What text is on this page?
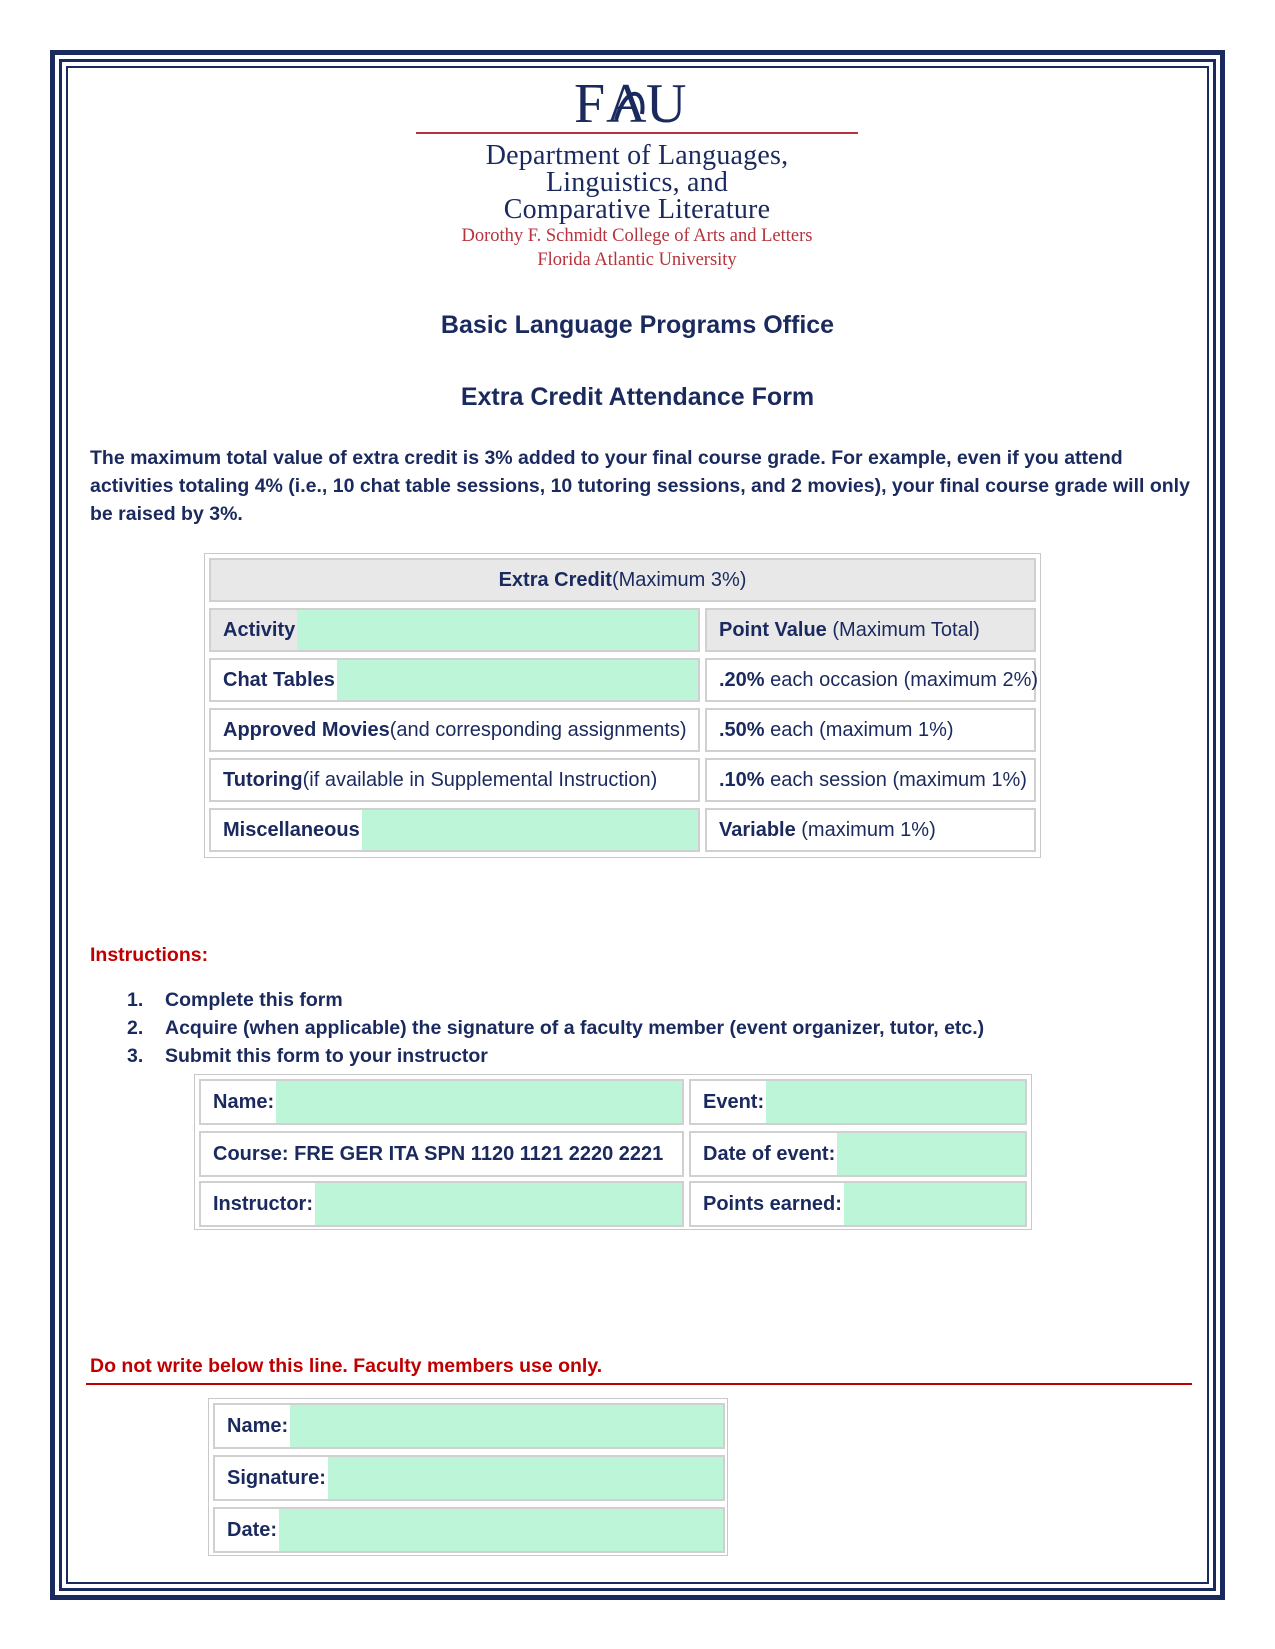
F A U
Department of Languages,
Linguistics, and
Comparative Literature
Dorothy F. Schmidt College of Arts and Letters
Florida Atlantic University
Basic Language Programs Office
Extra Credit Attendance Form
The maximum total value of extra credit is 3% added to your final course grade. For example, even if you attend activities totaling 4% (i.e., 10 chat table sessions, 10 tutoring sessions, and 2 movies), your final course grade will only be raised by 3%.
Extra Credit (Maximum 3%)
Activity	Point Value (Maximum Total)
Chat Tables	.20% each occasion (maximum 2%)
Approved Movies (and corresponding assignments)	.50% each (maximum 1%)
Tutoring (if available in Supplemental Instruction)	.10% each session (maximum 1%)
Miscellaneous	Variable (maximum 1%)
Instructions:
1.	Complete this form
2.	Acquire (when applicable) the signature of a faculty member (event organizer, tutor, etc.)
3.	Submit this form to your instructor
Name:	Event:
Course: FRE GER ITA SPN 1120 1121 2220 2221	Date of event:
Instructor:	Points earned:
Do not write below this line. Faculty members use only.
Name:
Signature:
Date:
